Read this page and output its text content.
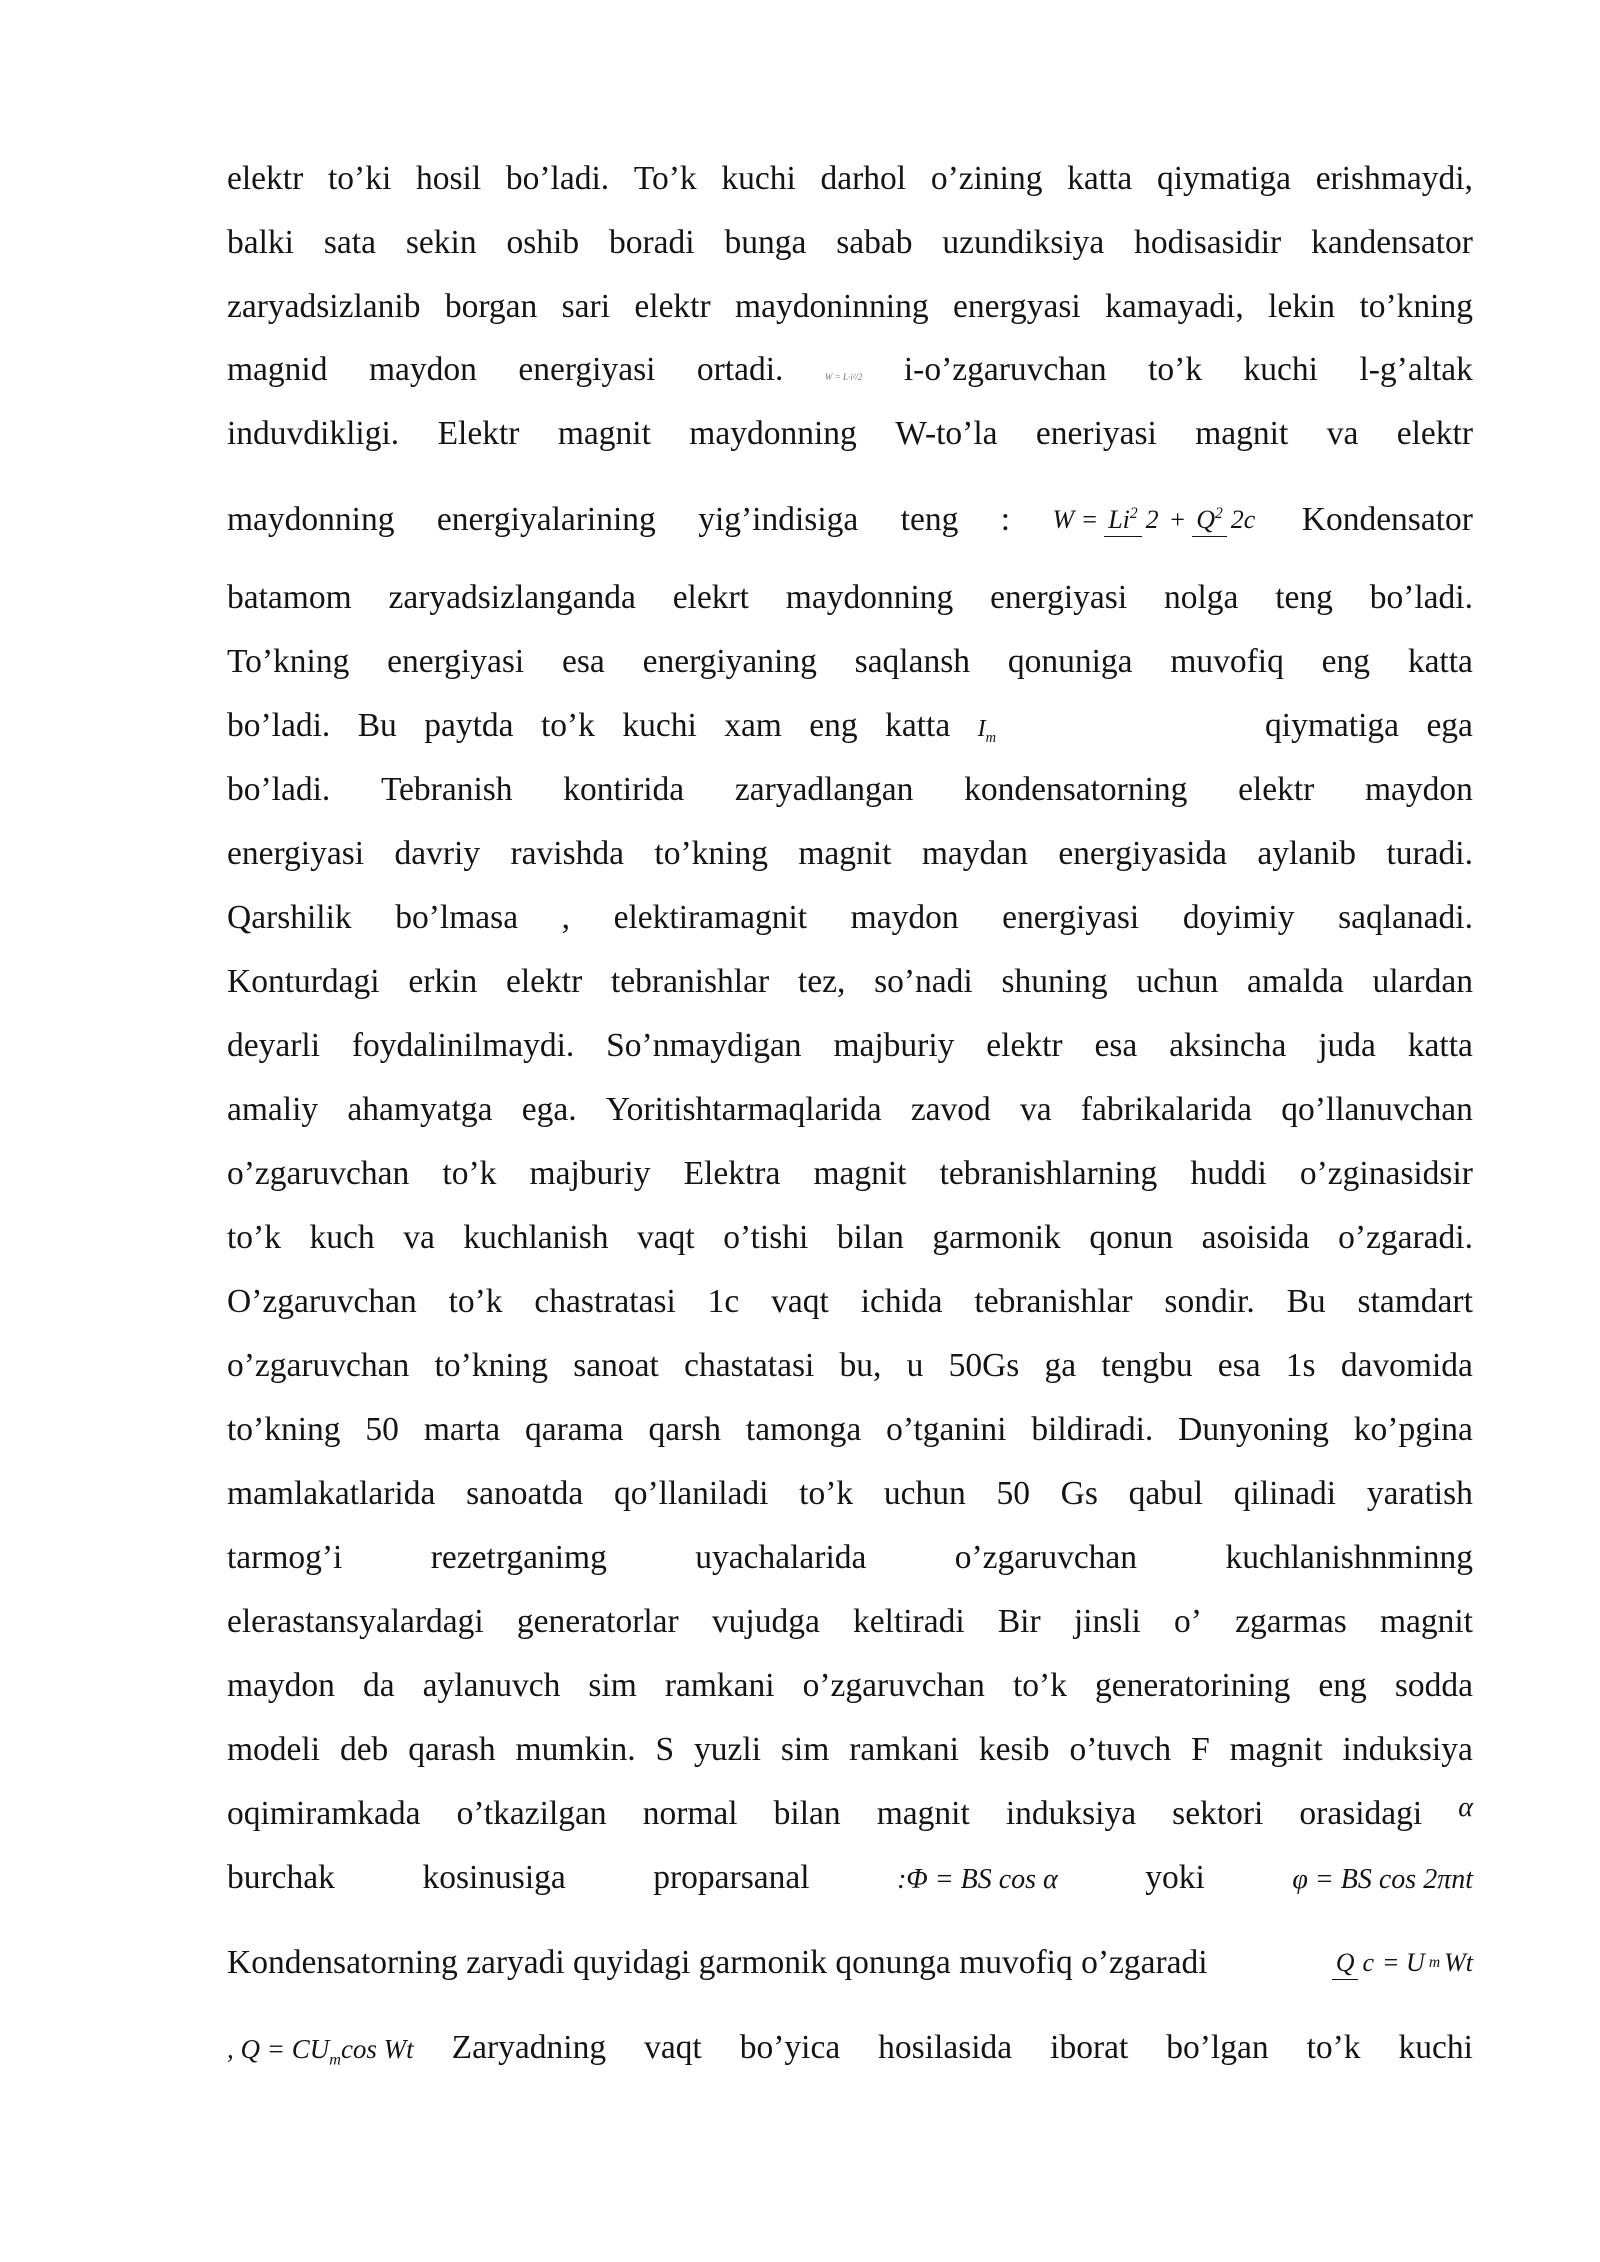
elektr to’ki hosil bo’ladi. To’k kuchi darhol o’zining katta qiymatiga erishmaydi,
balki sata sekin oshib boradi bunga sabab uzundiksiya hodisasidir kandensator
zaryadsizlanib borgan sari elektr maydoninning energyasi kamayadi, lekin to’kning
magnid maydon energiyasi ortadi.	W = L·i²/2 i-o’zgaruvchan to’k kuchi l-g’altak
induvdikligi. Elektr magnit maydonning W-to’la eneriyasi magnit va elektr
maydonning energiyalarining yig’indisiga teng : $W = Li^2$ $2 + Q^2$ 2c Kondensator
batamom zaryadsizlanganda elekrt maydonning energiyasi nolga teng bo’ladi.
To’kning energiyasi esa energiyaning saqlansh qonuniga muvofiq eng katta
bo’ladi. Bu paytda to’k kuchi xam eng katta $I_m$	qiymatiga ega
bo’ladi. Tebranish kontirida zaryadlangan kondensatorning elektr maydon
energiyasi davriy ravishda to’kning magnit maydan energiyasida aylanib turadi.
Qarshilik bo’lmasa , elektiramagnit maydon energiyasi doyimiy saqlanadi.
Konturdagi erkin elektr tebranishlar tez, so’nadi shuning uchun amalda ulardan
deyarli foydalinilmaydi. So’nmaydigan majburiy elektr esa aksincha juda katta
amaliy ahamyatga ega. Yoritishtarmaqlarida zavod va fabrikalarida qo’llanuvchan
o’zgaruvchan to’k majburiy Elektra magnit tebranishlarning huddi o’zginasidsir
to’k kuch va kuchlanish vaqt o’tishi bilan garmonik qonun asoisida o’zgaradi.
O’zgaruvchan to’k chastratasi 1c vaqt ichida tebranishlar sondir. Bu stamdart
o’zgaruvchan to’kning sanoat chastatasi bu, u 50Gs ga tengbu esa 1s davomida
to’kning 50 marta qarama qarsh tamonga o’tganini bildiradi. Dunyoning ko’pgina
mamlakatlarida sanoatda qo’llaniladi to’k uchun 50 Gs qabul qilinadi yaratish
tarmog’i	rezetrganimg	uyachalarida	o’zgaruvchan	kuchlanishnminng
elerastansyalardagi generatorlar vujudga keltiradi Bir jinsli o’ zgarmas magnit
maydon da aylanuvch sim ramkani o’zgaruvchan to’k generatorining eng sodda
modeli deb qarash mumkin. S yuzli sim ramkani kesib o’tuvch F magnit induksiya
oqimiramkada o’tkazilgan normal bilan magnit induksiya sektori orasidagi α
burchak	kosinusiga	proparsanal	:Φ = BS cos α	yoki	φ = BS cos 2πnt
Kondensatorning zaryadi quyidagi garmonik qonunga muvofiq o’zgaradi	Q c = U m Wt
, $Q = CU_m\cos$ Wt Zaryadning vaqt bo’yica hosilasida iborat bo’lgan to’k kuchi
